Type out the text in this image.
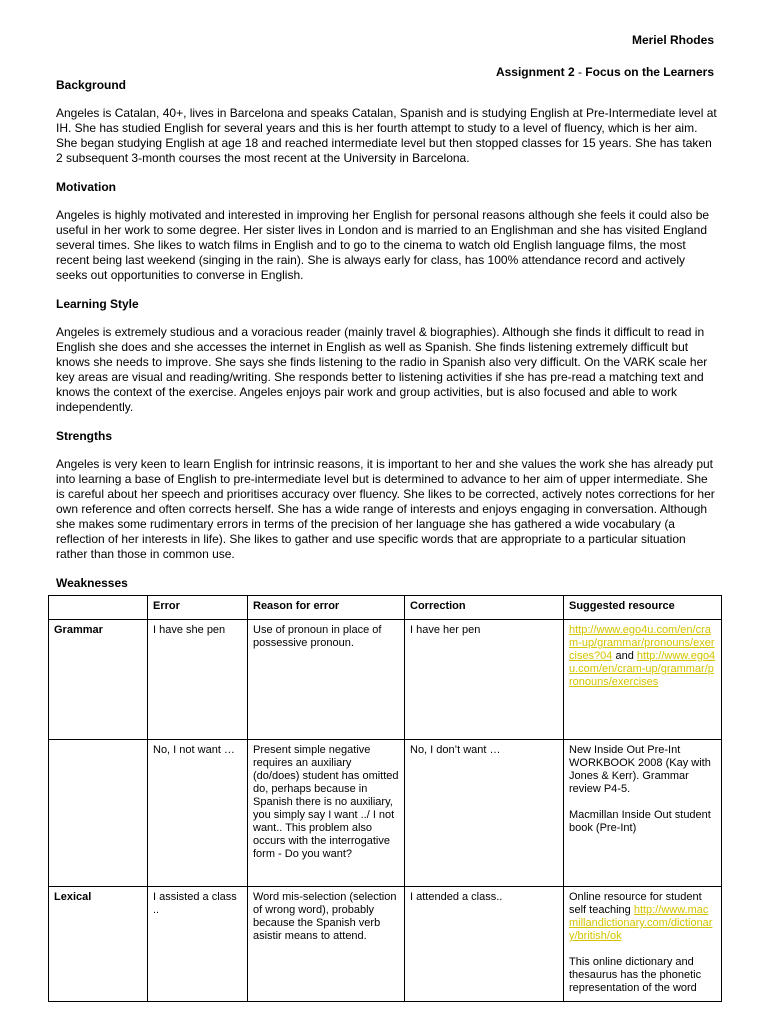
Meriel Rhodes
Assignment 2 - Focus on the Learners
Background

Angeles is Catalan, 40+, lives in Barcelona and speaks Catalan, Spanish and is studying English at Pre-Intermediate level at IH. She has studied English for several years and this is her fourth attempt to study to a level of fluency, which is her aim. She began studying English at age 18 and reached intermediate level but then stopped classes for 15 years. She has taken 2 subsequent 3-month courses the most recent at the University in Barcelona.

Motivation

Angeles is highly motivated and interested in improving her English for personal reasons although she feels it could also be useful in her work to some degree. Her sister lives in London and is married to an Englishman and she has visited England several times. She likes to watch films in English and to go to the cinema to watch old English language films, the most recent being last weekend (singing in the rain). She is always early for class, has 100% attendance record and actively seeks out opportunities to converse in English.

Learning Style

Angeles is extremely studious and a voracious reader (mainly travel & biographies). Although she finds it difficult to read in English she does and she accesses the internet in English as well as Spanish. She finds listening extremely difficult but knows she needs to improve. She says she finds listening to the radio in Spanish also very difficult. On the VARK scale her key areas are visual and reading/writing. She responds better to listening activities if she has pre-read a matching text and knows the context of the exercise. Angeles enjoys pair work and group activities, but is also focused and able to work independently.

Strengths

Angeles is very keen to learn English for intrinsic reasons, it is important to her and she values the work she has already put into learning a base of English to pre-intermediate level but is determined to advance to her aim of upper intermediate. She is careful about her speech and prioritises accuracy over fluency. She likes to be corrected, actively notes corrections for her own reference and often corrects herself. She has a wide range of interests and enjoys engaging in conversation. Although she makes some rudimentary errors in terms of the precision of her language she has gathered a wide vocabulary (a reflection of her interests in life). She likes to gather and use specific words that are appropriate to a particular situation rather than those in common use.

Weaknesses
	Error	Reason for error	Correction	Suggested resource
Grammar	I have she pen	Use of pronoun in place of possessive pronoun.	I have her pen	http://www.ego4u.com/en/cram-up/grammar/pronouns/exercises?04 and http://www.ego4u.com/en/cram-up/grammar/pronouns/exercises
	No, I not want …	Present simple negative requires an auxiliary (do/does) student has omitted do, perhaps because in Spanish there is no auxiliary, you simply say I want ../ I not want.. This problem also occurs with the interrogative form - Do you want?	No, I don’t want …	New Inside Out Pre-Int WORKBOOK 2008 (Kay with Jones & Kerr). Grammar review P4-5.
Macmillan Inside Out student book (Pre-Int)
Lexical	I assisted a class ..	Word mis-selection (selection of wrong word), probably because the Spanish verb asistir means to attend.	I attended a class..	Online resource for student self teaching http://www.macmillandictionary.com/dictionary/british/ok
This online dictionary and thesaurus has the phonetic representation of the word
